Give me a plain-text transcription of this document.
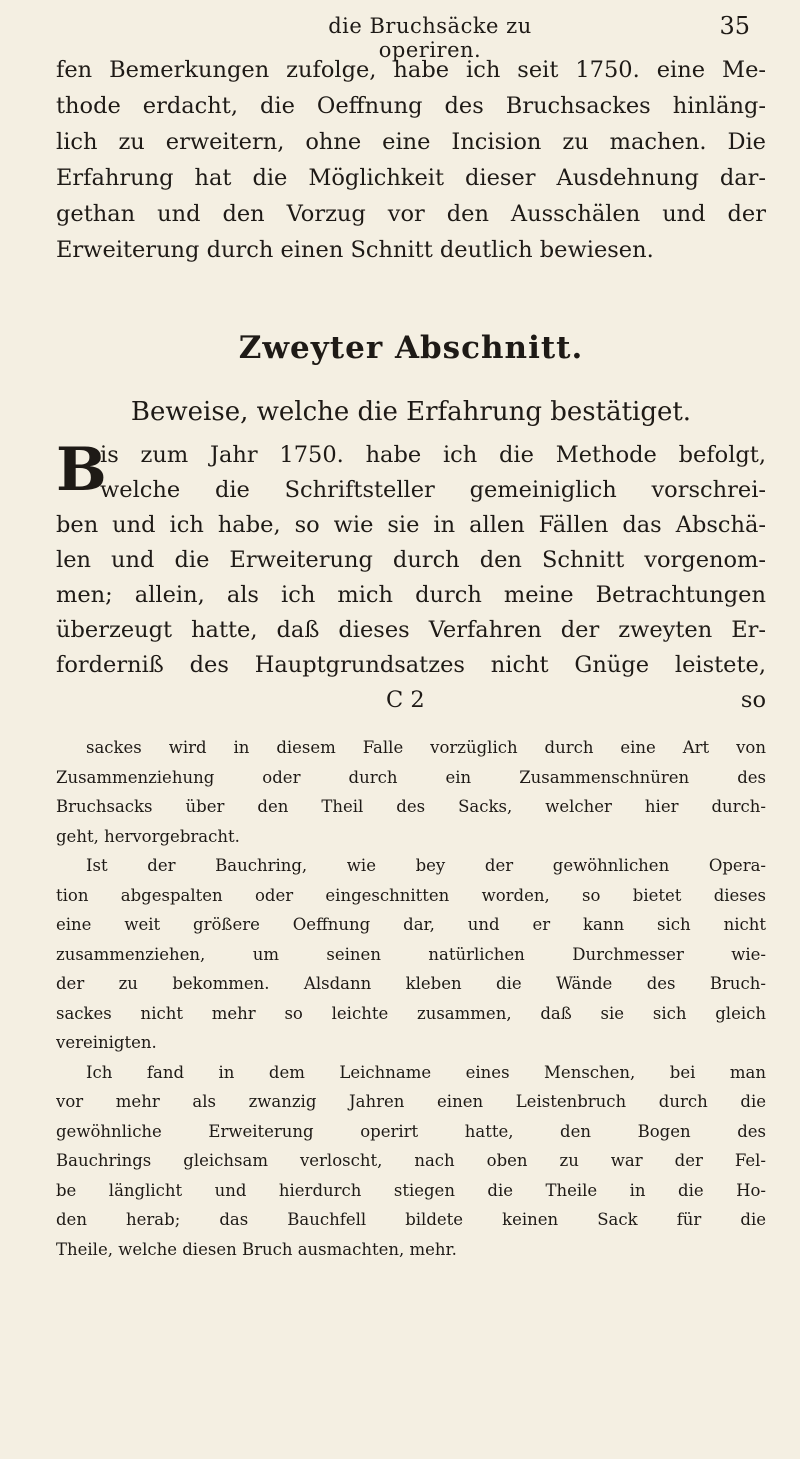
die Bruchsäcke zu operiren.
35
fen Bemerkungen zufolge, habe ich seit 1750. eine Me-
thode erdacht, die Oeffnung des Bruchsackes hinläng-
lich zu erweitern, ohne eine Incision zu machen. Die
Erfahrung hat die Möglichkeit dieser Ausdehnung dar-
gethan und den Vorzug vor den Ausschälen und der
Erweiterung durch einen Schnitt deutlich bewiesen.
Zweyter Abschnitt.
Beweise, welche die Erfahrung bestätiget.
B
is zum Jahr 1750. habe ich die Methode befolgt,
welche die Schriftsteller gemeiniglich vorschrei-
ben und ich habe, so wie sie in allen Fällen das Abschä-
len und die Erweiterung durch den Schnitt vorgenom-
men; allein, als ich mich durch meine Betrachtungen
überzeugt hatte, daß dieses Verfahren der zweyten Er-
forderniß des Hauptgrundsatzes nicht Gnüge leistete,
C 2	so
sackes wird in diesem Falle vorzüglich durch eine Art von
Zusammenziehung oder durch ein Zusammenschnüren des
Bruchsacks über den Theil des Sacks, welcher hier durch-
geht, hervorgebracht.
Ist der Bauchring, wie bey der gewöhnlichen Opera-
tion abgespalten oder eingeschnitten worden, so bietet dieses
eine weit größere Oeffnung dar, und er kann sich nicht
zusammenziehen, um seinen natürlichen Durchmesser wie-
der zu bekommen. Alsdann kleben die Wände des Bruch-
sackes nicht mehr so leichte zusammen, daß sie sich gleich
vereinigten.
Ich fand in dem Leichname eines Menschen, bei man
vor mehr als zwanzig Jahren einen Leistenbruch durch die
gewöhnliche Erweiterung operirt hatte, den Bogen des
Bauchrings gleichsam verloscht, nach oben zu war der Fel-
be länglicht und hierdurch stiegen die Theile in die Ho-
den herab; das Bauchfell bildete keinen Sack für die
Theile, welche diesen Bruch ausmachten, mehr.
